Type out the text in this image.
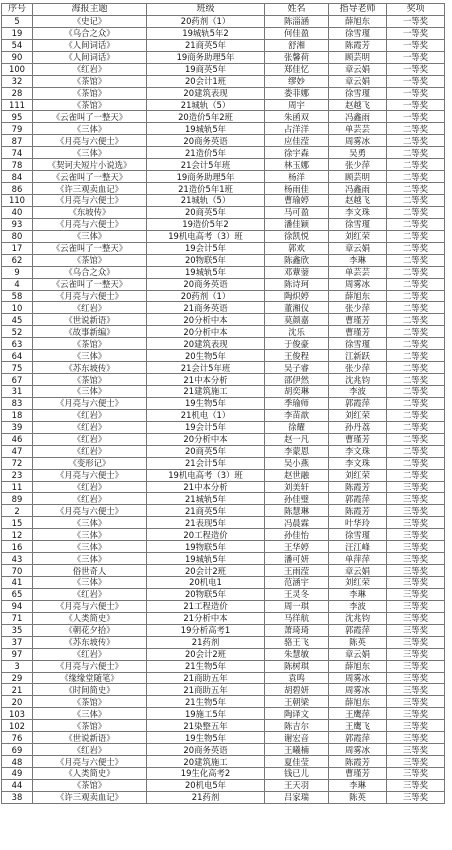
序号	海报主题	班级	姓名	指导老师	奖项
5	《史记》	20药剂（1）	陈淄涵	薛旭东	一等奖
19	《乌合之众》	19城轨5年2	何佳盈	徐雪瑾	一等奖
54	《人间词话》	21商英5年	舒湘	陈霞芳	一等奖
90	《人间词话》	19商务助理5年	张馨荷	顾芸明	一等奖
100	《红岩》	19商英5年	郑佳忆	章云娟	一等奖
32	《茶馆》	20会计1班	缪妙	章云娟	一等奖
28	《茶馆》	20建筑表现	娄菲娜	徐雪瑾	一等奖
111	《茶馆》	21城轨（5）	周宇	赵越飞	一等奖
95	《云雀叫了一整天》	20造价5年2班	朱函双	冯鑫雨	一等奖
79	《三体》	19城轨5年	占洋洋	单芸芸	二等奖
87	《月亮与六便士》	20商务英语	应佳滢	周雾冰	二等奖
74	《三体》	21造价5年	徐宇森	吴勇	二等奖
78	《契诃夫短片小说选》	21会计5年班	林玉娜	张少萍	二等奖
84	《云雀叫了一整天》	19商务助理5年	杨洋	顾芸明	二等奖
86	《许三观卖血记》	21造价5年1班	杨雨佳	冯鑫雨	二等奖
110	《月亮与六便士》	21城轨（5）	曹瑜婷	赵越飞	二等奖
40	《东坡传》	20商英5年	马可盈	李文珠	二等奖
93	《月亮与六便士》	19造价5年2	潘佳颖	徐雪瑾	二等奖
80	《三体》	19机电高考（3）班	徐凯悦	刘红荣	二等奖
17	《云雀叫了一整天》	19会计5年	郭欢	章云娟	二等奖
62	《茶馆》	20物联5年	陈鑫欣	李琳	二等奖
9	《乌合之众》	19城轨5年	邓蕈蓥	单芸芸	二等奖
4	《云雀叫了一整天》	20商务英语	陈诗珂	周雾冰	二等奖
58	《月亮与六便士》	20药剂（1）	陶炽婷	薛旭东	二等奖
10	《红岩》	21商务英语	董湘仪	张少萍	二等奖
45	《世说新语》	20分析中本	莫颜嘉	曹瑾芳	二等奖
52	《故事新编》	20分析中本	沈乐	曹瑾芳	二等奖
63	《茶馆》	20建筑表现	于俊豪	徐雪瑾	二等奖
64	《三体》	20生物5年	王俊程	江新跃	二等奖
75	《苏东坡传》	21会计5年班	吴子睿	张少萍	二等奖
67	《茶馆》	21中本分析	邵伊然	沈兆钧	二等奖
31	《三体》	21建筑施工	胡奕琳	李波	二等奖
83	《月亮与六便士》	19生物5年	季瑜师	郭霞萍	二等奖
18	《红岩》	21机电（1）	李苗歆	刘红荣	二等奖
39	《红岩》	19会计5年	徐耀	孙丹荔	二等奖
46	《红岩》	20分析中本	赵一凡	曹瑾芳	二等奖
47	《红岩》	20商英5年	李蒙恩	李文珠	二等奖
72	《变形记》	21会计5年	吴小燕	李文珠	二等奖
23	《月亮与六便士》	19机电高考（3）班	赵世融	刘红荣	二等奖
11	《红岩》	21中本分析	刘美轩	陈霞芳	三等奖
89	《红岩》	21城轨5年	孙佳璧	郭霞萍	三等奖
2	《月亮与六便士》	21商英5年	陈慧琳	陈霞芳	三等奖
15	《三体》	21表现5年	冯晨霖	叶华玲	三等奖
12	《三体》	20工程造价	孙佳怡	徐雪瑾	三等奖
16	《三体》	19物联5年	王华婷	汪江峰	三等奖
43	《三体》	19城轨5年	潘可妍	单萍萍	三等奖
70	俗世奇人	20会计2班	王雨滢	章云娟	三等奖
41	《三体》	20机电1	范涵宇	刘红荣	三等奖
65	《红岩》	20物联5年	王灵冬	李琳	三等奖
94	《月亮与六便士》	21工程造价	周一琪	李波	三等奖
71	《人类简史》	21分析中本	马徉航	沈兆钧	三等奖
35	《朝花夕拾》	19分析高考1	萧琦琦	郭霞萍	三等奖
37	《苏东坡传》	21药剂	骆王飞	陈英	三等奖
97	《红岩》	20会计2班	朱慧敏	章云娟	三等奖
3	《月亮与六便士》	21生物5年	陈树琪	薛旭东	三等奖
29	《缘缘堂随笔》	21商助五年	袁鸣	周雾冰	三等奖
21	《时间简史》	21商助五年	胡碧妍	周雾冰	三等奖
20	《茶馆》	21生物5年	王朝梁	薛旭东	三等奖
103	《三体》	19施工5年	陶译文	王鹰萍	三等奖
102	《茶馆》	21染整五年	陈吉尔	王鹰飞	三等奖
76	《世说新语》	19生物5年	谢宏音	郭霞萍	三等奖
69	《红岩》	20商务英语	王曦楠	周雾冰	三等奖
48	《月亮与六便士》	20建筑施工	夏佳莹	陈霞芳	三等奖
49	《人类简史》	19生化高考2	钱已儿	曹瑾芳	三等奖
44	《茶馆》	20机电5年	王天羽	李琳	三等奖
38	《许三观卖血记》	21药剂	吕家瑞	陈英	三等奖
